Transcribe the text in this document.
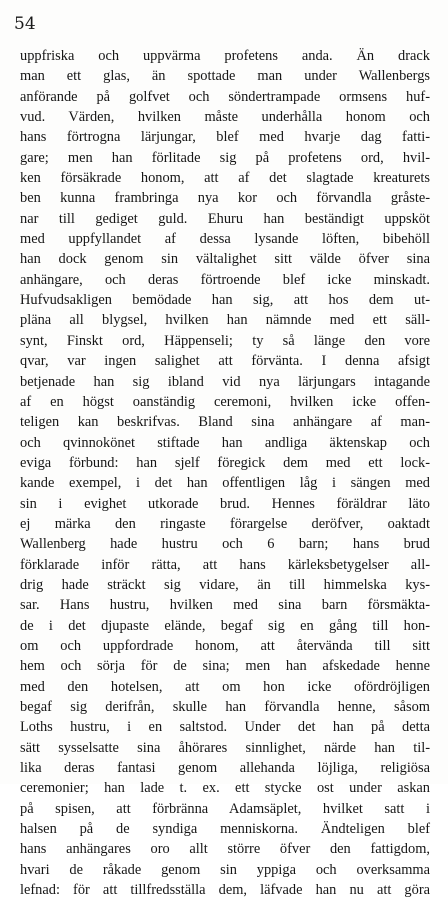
54
uppfriska och uppvärma profetens anda. Än drack
man ett glas, än spottade man under Wallenbergs
anförande på golfvet och söndertrampade ormsens huf-
vud. Värden, hvilken måste underhålla honom och
hans förtrogna lärjungar, blef med hvarje dag fatti-
gare; men han förlitade sig på profetens ord, hvil-
ken försäkrade honom, att af det slagtade kreaturets
ben kunna frambringa nya kor och förvandla gråste-
nar till gediget guld. Ehuru han beständigt uppsköt
med uppfyllandet af dessa lysande löften, bibehöll
han dock genom sin vältalighet sitt välde öfver sina
anhängare, och deras förtroende blef icke minskadt.
Hufvudsakligen bemödade han sig, att hos dem ut-
pläna all blygsel, hvilken han nämnde med ett säll-
synt, Finskt ord, Häppenseli; ty så länge den vore
qvar, var ingen salighet att förvänta. I denna afsigt
betjenade han sig ibland vid nya lärjungars intagande
af en högst oanständig ceremoni, hvilken icke offen-
teligen kan beskrifvas. Bland sina anhängare af man-
och qvinnokönet stiftade han andliga äktenskap och
eviga förbund: han sjelf föregick dem med ett lock-
kande exempel, i det han offentligen låg i sängen med
sin i evighet utkorade brud. Hennes föräldrar läto
ej märka den ringaste förargelse deröfver, oaktadt
Wallenberg hade hustru och 6 barn; hans brud
förklarade inför rätta, att hans kärleksbetygelser all-
drig hade sträckt sig vidare, än till himmelska kys-
sar. Hans hustru, hvilken med sina barn försmäkta-
de i det djupaste elände, begaf sig en gång till hon-
om och uppfordrade honom, att återvända till sitt
hem och sörja för de sina; men han afskedade henne
med den hotelsen, att om hon icke ofördröjligen
begaf sig derifrån, skulle han förvandla henne, såsom
Loths hustru, i en saltstod. Under det han på detta
sätt sysselsatte sina åhörares sinnlighet, närde han til-
lika deras fantasi genom allehanda löjliga, religiösa
ceremonier; han lade t. ex. ett stycke ost under askan
på spisen, att förbränna Adamsäplet, hvilket satt i
halsen på de syndiga menniskorna. Ändteligen blef
hans anhängares oro allt större öfver den fattigdom,
hvari de råkade genom sin yppiga och overksamma
lefnad: för att tillfredsställa dem, läfvade han nu att göra
